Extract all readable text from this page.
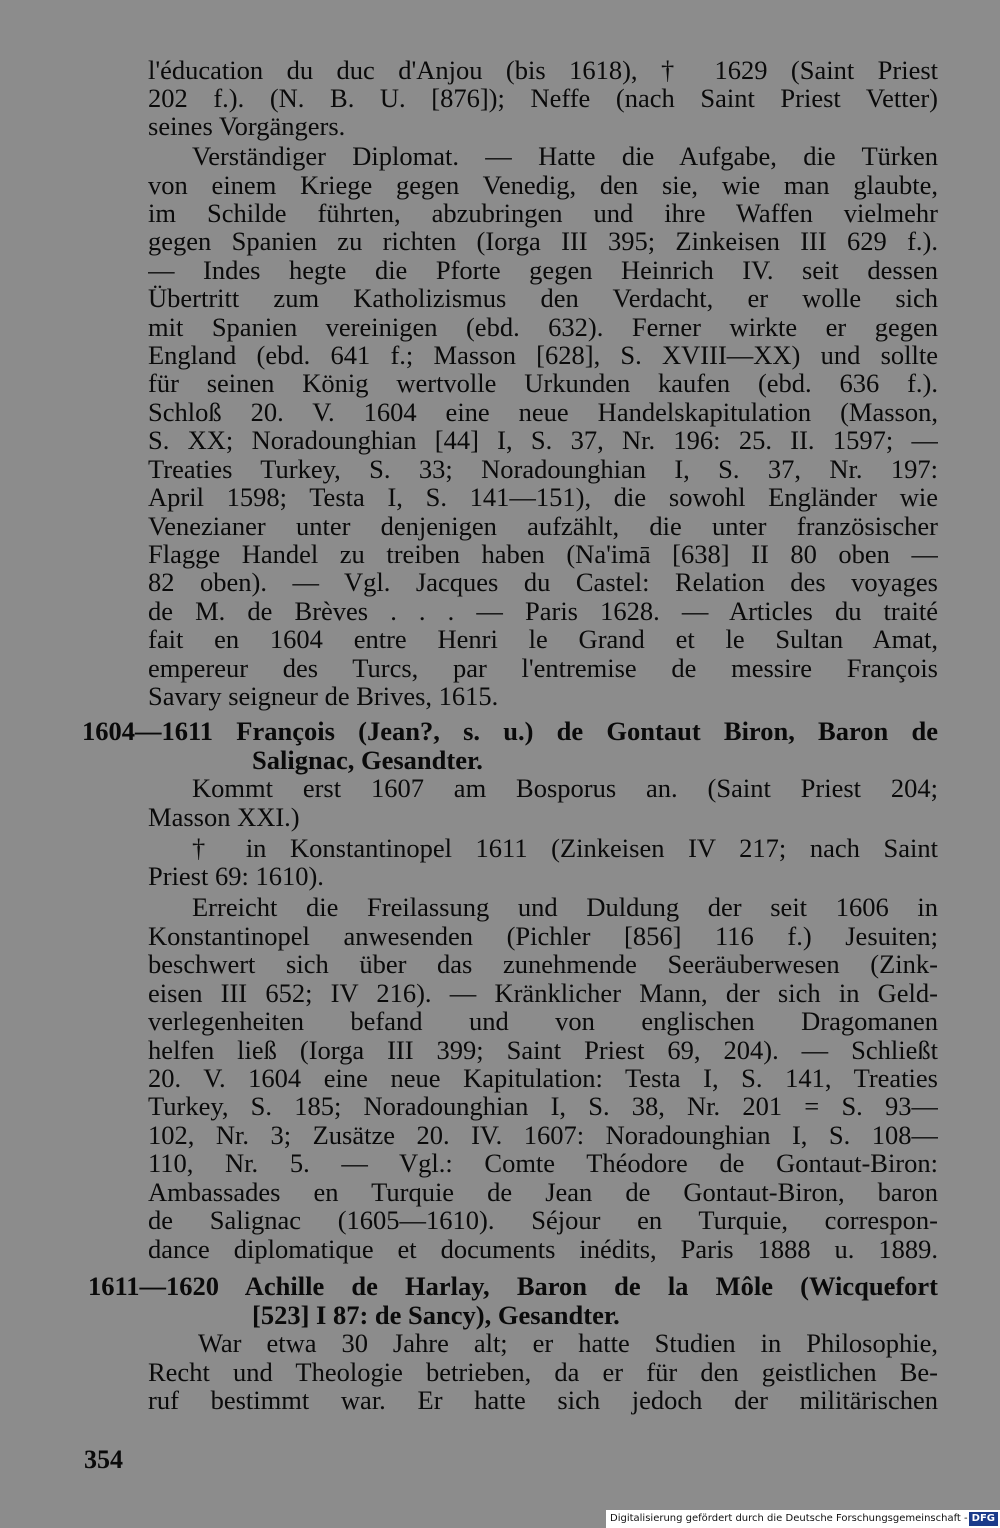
l'éducation du duc d'Anjou (bis 1618), † 1629 (Saint Priest
202 f.). (N. B. U. [876]); Neffe (nach Saint Priest Vetter)
seines Vorgängers.
Verständiger Diplomat. — Hatte die Aufgabe, die Türken
von einem Kriege gegen Venedig, den sie, wie man glaubte,
im Schilde führten, abzubringen und ihre Waffen vielmehr
gegen Spanien zu richten (Iorga III 395; Zinkeisen III 629 f.).
— Indes hegte die Pforte gegen Heinrich IV. seit dessen
Übertritt zum Katholizismus den Verdacht, er wolle sich
mit Spanien vereinigen (ebd. 632). Ferner wirkte er gegen
England (ebd. 641 f.; Masson [628], S. XVIII—XX) und sollte
für seinen König wertvolle Urkunden kaufen (ebd. 636 f.).
Schloß 20. V. 1604 eine neue Handelskapitulation (Masson,
S. XX; Noradounghian [44] I, S. 37, Nr. 196: 25. II. 1597; —
Treaties Turkey, S. 33; Noradounghian I, S. 37, Nr. 197:
April 1598; Testa I, S. 141—151), die sowohl Engländer wie
Venezianer unter denjenigen aufzählt, die unter französischer
Flagge Handel zu treiben haben (Na'imā [638] II 80 oben —
82 oben). — Vgl. Jacques du Castel: Relation des voyages
de M. de Brèves . . . — Paris 1628. — Articles du traité
fait en 1604 entre Henri le Grand et le Sultan Amat,
empereur des Turcs, par l'entremise de messire François
Savary seigneur de Brives, 1615.
1604—1611 François (Jean?, s. u.) de Gontaut Biron, Baron de
Salignac, Gesandter.
Kommt erst 1607 am Bosporus an. (Saint Priest 204;
Masson XXI.)
† in Konstantinopel 1611 (Zinkeisen IV 217; nach Saint
Priest 69: 1610).
Erreicht die Freilassung und Duldung der seit 1606 in
Konstantinopel anwesenden (Pichler [856] 116 f.) Jesuiten;
beschwert sich über das zunehmende Seeräuberwesen (Zink-
eisen III 652; IV 216). — Kränklicher Mann, der sich in Geld-
verlegenheiten befand und von englischen Dragomanen
helfen ließ (Iorga III 399; Saint Priest 69, 204). — Schließt
20. V. 1604 eine neue Kapitulation: Testa I, S. 141, Treaties
Turkey, S. 185; Noradounghian I, S. 38, Nr. 201 = S. 93—
102, Nr. 3; Zusätze 20. IV. 1607: Noradounghian I, S. 108—
110, Nr. 5. — Vgl.: Comte Théodore de Gontaut-Biron:
Ambassades en Turquie de Jean de Gontaut-Biron, baron
de Salignac (1605—1610). Séjour en Turquie, correspon-
dance diplomatique et documents inédits, Paris 1888 u. 1889.
1611—1620 Achille de Harlay, Baron de la Môle (Wicquefort
[523] I 87: de Sancy), Gesandter.
War etwa 30 Jahre alt; er hatte Studien in Philosophie,
Recht und Theologie betrieben, da er für den geistlichen Be-
ruf bestimmt war. Er hatte sich jedoch der militärischen
354
Digitalisierung gefördert durch die Deutsche Forschungsgemeinschaft - DFG
